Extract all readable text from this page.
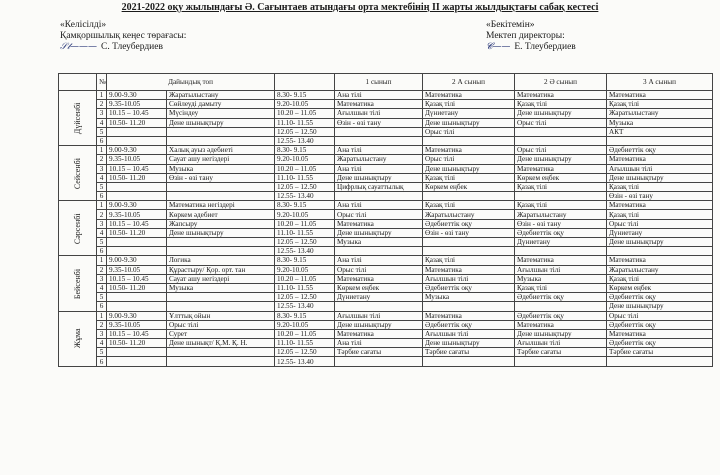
2021-2022 оқу жылындағы Ә. Сағынтаев атындағы орта мектебінің II жарты жылдықтағы сабақ кестесі
«Келісілді»
Қамқоршылық кеңес төрағасы:
𝒮𝓉——— С. Тлеубердиев
«Бекітемін»
Мектеп директоры:
𝓒—— Е. Тлеубердиев
	№	Дайындық топ			1 сынып	2 А сынып	2 Ә сынып	3 А сынып
Дүйсенбі	1	9.00-9.30	Жаратылыстану	8.30- 9.15	Ана тілі	Математика	Математика	Математика
	2	9.35-10.05	Сөйлеуді дамыту	9.20-10.05	Математика	Қазақ тілі	Қазақ тілі	Қазақ тілі
	3	10.15 – 10.45	Мүсіндеу	10.20 – 11.05	Ағылшын тілі	Дүниетану	Дене шынықтыру	Жаратылыстану
	4	10.50- 11.20	Дене шынықтыру	11.10- 11.55	Өзін - өзі тану	Дене шынықтыру	Орыс тілі	Музыка
	5			12.05 – 12.50		Орыс тілі		АКТ
	6			12.55- 13.40				
Сейсенбі	1	9.00-9.30	Халық ауыз әдебиеті	8.30- 9.15	Ана тілі	Математика	Орыс тілі	Әдебиеттік оқу
	2	9.35-10.05	Сауат ашу негіздері	9.20-10.05	Жаратылыстану	Орыс тілі	Дене шынықтыру	Математика
	3	10.15 – 10.45	Музыка	10.20 – 11.05	Ана тілі	Дене шынықтыру	Математика	Ағылшын тілі
	4	10.50- 11.20	Өзін - өзі тану	11.10- 11.55	Дене шынықтыру	Қазақ тілі	Көркем еңбек	Дене шынықтыру
	5			12.05 – 12.50	Цифрлық сауаттылық	Көркем еңбек	Қазақ тілі	Қазақ тілі
	6			12.55- 13.40				Өзін - өзі тану
Сәрсенбі	1	9.00-9.30	Математика негіздері	8.30- 9.15	Ана тілі	Қазақ тілі	Қазақ тілі	Математика
	2	9.35-10.05	Көркем әдебиет	9.20-10.05	Орыс тілі	Жаратылыстану	Жаратылыстану	Қазақ тілі
	3	10.15 – 10.45	Жапсыру	10.20 – 11.05	Математика	Әдебиеттік оқу	Өзін - өзі тану	Орыс тілі
	4	10.50- 11.20	Дене шынықтыру	11.10- 11.55	Дене шынықтыру	Өзін - өзі тану	Әдебиеттік оқу	Дүниетану
	5			12.05 – 12.50	Музыка		Дүниетану	Дене шынықтыру
	6			12.55- 13.40				
Бейсенбі	1	9.00-9.30	Логика	8.30- 9.15	Ана тілі	Қазақ тілі	Математика	Математика
	2	9.35-10.05	Құрастыру/ Қор. орт. тан	9.20-10.05	Орыс тілі	Математика	Ағылшын тілі	Жаратылыстану
	3	10.15 – 10.45	Сауат ашу негіздері	10.20 – 11.05	Математика	Ағылшын тілі	Музыка	Қазақ тілі
	4	10.50- 11.20	Музыка	11.10- 11.55	Көркем еңбек	Әдебиеттік оқу	Қазақ тілі	Көркем еңбек
	5			12.05 – 12.50	Дүниетану	Музыка	Әдебиеттік оқу	Әдебиеттік оқу
	6			12.55- 13.40				Дене шынықтыру
Жұма	1	9.00-9.30	Ұлттық ойын	8.30- 9.15	Ағылшын тілі	Математика	Әдебиеттік оқу	Орыс тілі
	2	9.35-10.05	Орыс тілі	9.20-10.05	Дене шынықтыру	Әдебиеттік оқу	Математика	Әдебиеттік оқу
	3	10.15 – 10.45	Сурет	10.20 – 11.05	Математика	Ағылшын тілі	Дене шынықтыру	Математика
	4	10.50- 11.20	Дене шынықт/ Қ.М. Қ. Н.	11.10- 11.55	Ана тілі	Дене шынықтыру	Ағылшын тілі	Әдебиеттік оқу
	5			12.05 – 12.50	Тәрбие сағаты	Тәрбие сағаты	Тәрбие сағаты	Тәрбие сағаты
	6			12.55- 13.40				
